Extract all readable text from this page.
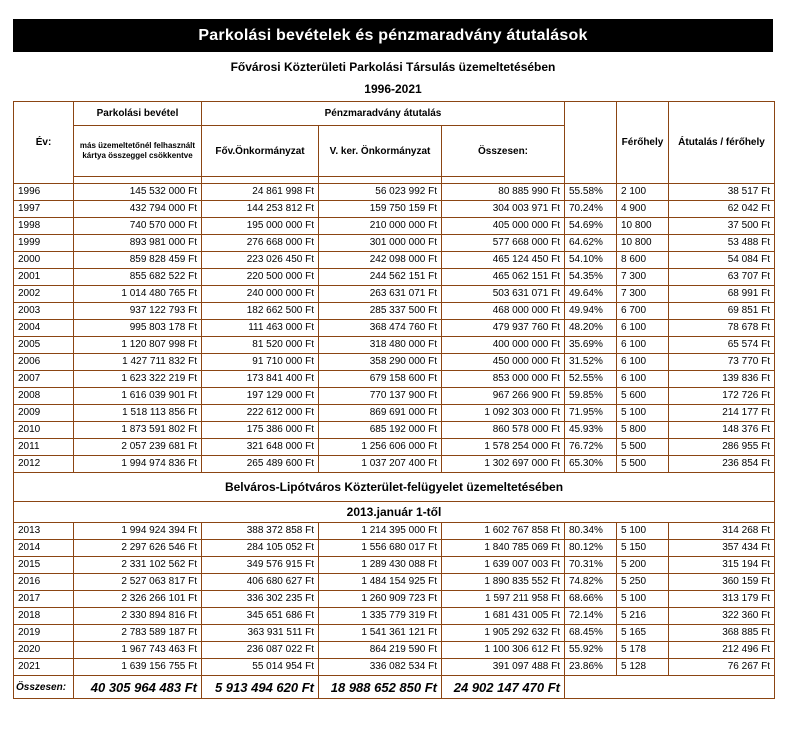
Parkolási bevételek és pénzmaradvány átutalások
Fővárosi Közterületi Parkolási Társulás üzemeltetésében
1996-2021
Év:	Parkolási bevétel	Pénzmaradvány átutalás				Férőhely	Átutalás / férőhely
	más üzemeltetőnél felhasznált kártya összeggel csökkentve	Főv.Önkormányzat	V. ker. Önkormányzat	Összesen:			

1996	145 532 000 Ft	24 861 998 Ft	56 023 992 Ft	80 885 990 Ft	55.58%	2 100	38 517 Ft
1997	432 794 000 Ft	144 253 812 Ft	159 750 159 Ft	304 003 971 Ft	70.24%	4 900	62 042 Ft
1998	740 570 000 Ft	195 000 000 Ft	210 000 000 Ft	405 000 000 Ft	54.69%	10 800	37 500 Ft
1999	893 981 000 Ft	276 668 000 Ft	301 000 000 Ft	577 668 000 Ft	64.62%	10 800	53 488 Ft
2000	859 828 459 Ft	223 026 450 Ft	242 098 000 Ft	465 124 450 Ft	54.10%	8 600	54 084 Ft
2001	855 682 522 Ft	220 500 000 Ft	244 562 151 Ft	465 062 151 Ft	54.35%	7 300	63 707 Ft
2002	1 014 480 765 Ft	240 000 000 Ft	263 631 071 Ft	503 631 071 Ft	49.64%	7 300	68 991 Ft
2003	937 122 793 Ft	182 662 500 Ft	285 337 500 Ft	468 000 000 Ft	49.94%	6 700	69 851 Ft
2004	995 803 178 Ft	111 463 000 Ft	368 474 760 Ft	479 937 760 Ft	48.20%	6 100	78 678 Ft
2005	1 120 807 998 Ft	81 520 000 Ft	318 480 000 Ft	400 000 000 Ft	35.69%	6 100	65 574 Ft
2006	1 427 711 832 Ft	91 710 000 Ft	358 290 000 Ft	450 000 000 Ft	31.52%	6 100	73 770 Ft
2007	1 623 322 219 Ft	173 841 400 Ft	679 158 600 Ft	853 000 000 Ft	52.55%	6 100	139 836 Ft
2008	1 616 039 901 Ft	197 129 000 Ft	770 137 900 Ft	967 266 900 Ft	59.85%	5 600	172 726 Ft
2009	1 518 113 856 Ft	222 612 000 Ft	869 691 000 Ft	1 092 303 000 Ft	71.95%	5 100	214 177 Ft
2010	1 873 591 802 Ft	175 386 000 Ft	685 192 000 Ft	860 578 000 Ft	45.93%	5 800	148 376 Ft
2011	2 057 239 681 Ft	321 648 000 Ft	1 256 606 000 Ft	1 578 254 000 Ft	76.72%	5 500	286 955 Ft
2012	1 994 974 836 Ft	265 489 600 Ft	1 037 207 400 Ft	1 302 697 000 Ft	65.30%	5 500	236 854 Ft
Belváros-Lipótváros Közterület-felügyelet üzemeltetésében							
2013.január 1-től							
2013	1 994 924 394 Ft	388 372 858 Ft	1 214 395 000 Ft	1 602 767 858 Ft	80.34%	5 100	314 268 Ft
2014	2 297 626 546 Ft	284 105 052 Ft	1 556 680 017 Ft	1 840 785 069 Ft	80.12%	5 150	357 434 Ft
2015	2 331 102 562 Ft	349 576 915 Ft	1 289 430 088 Ft	1 639 007 003 Ft	70.31%	5 200	315 194 Ft
2016	2 527 063 817 Ft	406 680 627 Ft	1 484 154 925 Ft	1 890 835 552 Ft	74.82%	5 250	360 159 Ft
2017	2 326 266 101 Ft	336 302 235 Ft	1 260 909 723 Ft	1 597 211 958 Ft	68.66%	5 100	313 179 Ft
2018	2 330 894 816 Ft	345 651 686 Ft	1 335 779 319 Ft	1 681 431 005 Ft	72.14%	5 216	322 360 Ft
2019	2 783 589 187 Ft	363 931 511 Ft	1 541 361 121 Ft	1 905 292 632 Ft	68.45%	5 165	368 885 Ft
2020	1 967 743 463 Ft	236 087 022 Ft	864 219 590 Ft	1 100 306 612 Ft	55.92%	5 178	212 496 Ft
2021	1 639 156 755 Ft	55 014 954 Ft	336 082 534 Ft	391 097 488 Ft	23.86%	5 128	76 267 Ft
Összesen:	40 305 964 483 Ft	5 913 494 620 Ft	18 988 652 850 Ft	24 902 147 470 Ft			
